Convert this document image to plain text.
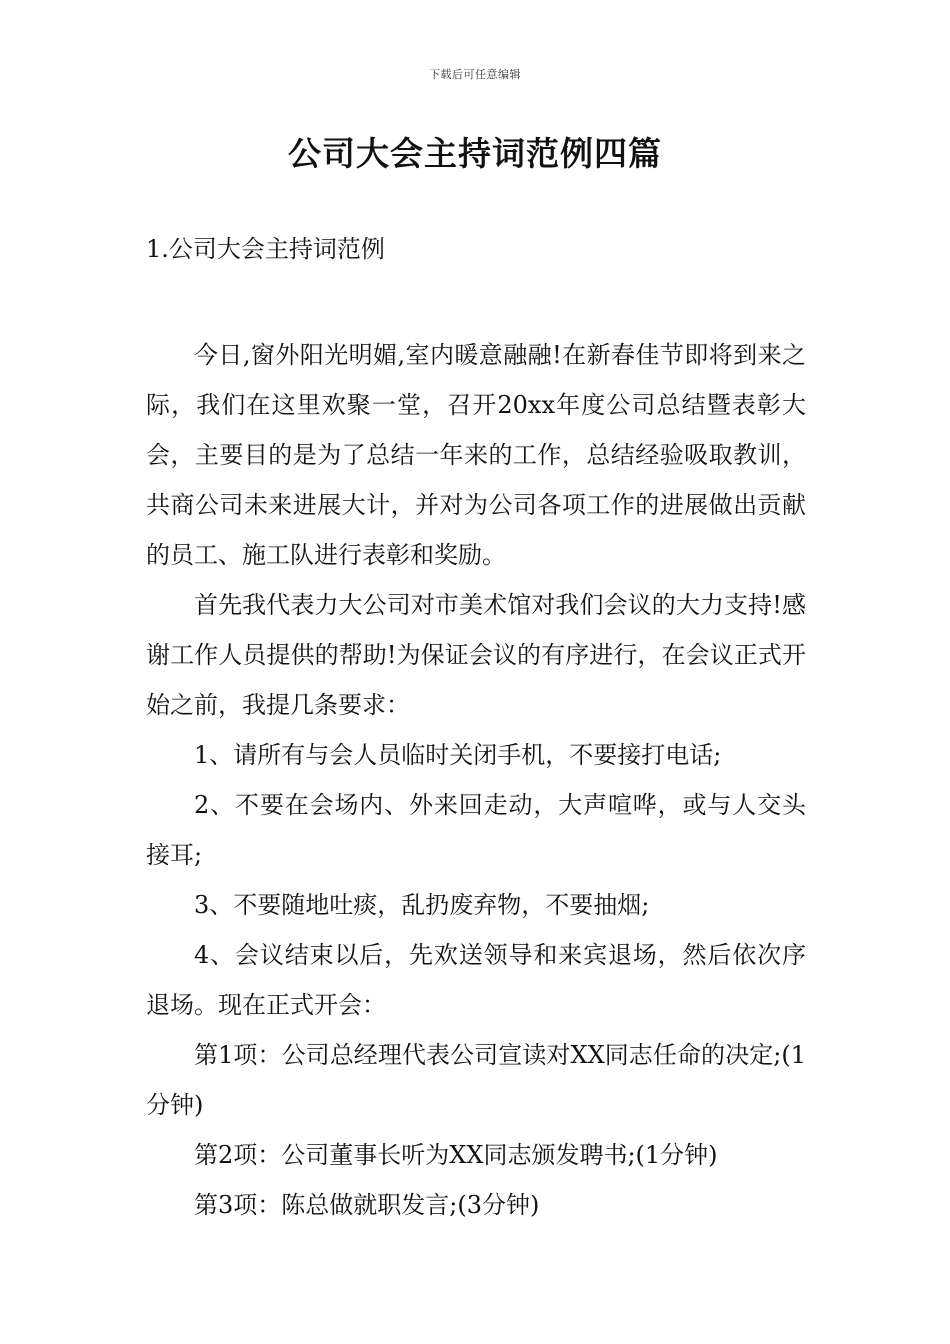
下载后可任意编辑
公司大会主持词范例四篇
1.公司大会主持词范例

今日,窗外阳光明媚,室内暖意融融!在新春佳节即将到来之际，我们在这里欢聚一堂，召开20xx年度公司总结暨表彰大会，主要目的是为了总结一年来的工作，总结经验吸取教训，共商公司未来进展大计，并对为公司各项工作的进展做出贡献的员工、施工队进行表彰和奖励。

首先我代表力大公司对市美术馆对我们会议的大力支持!感谢工作人员提供的帮助!为保证会议的有序进行，在会议正式开始之前，我提几条要求：

1、请所有与会人员临时关闭手机，不要接打电话;

2、不要在会场内、外来回走动，大声喧哗，或与人交头接耳;

3、不要随地吐痰，乱扔废弃物，不要抽烟;

4、会议结束以后，先欢送领导和来宾退场，然后依次序退场。现在正式开会：

第1项：公司总经理代表公司宣读对XX同志任命的决定;(1分钟)

第2项：公司董事长听为XX同志颁发聘书;(1分钟)

第3项：陈总做就职发言;(3分钟)
